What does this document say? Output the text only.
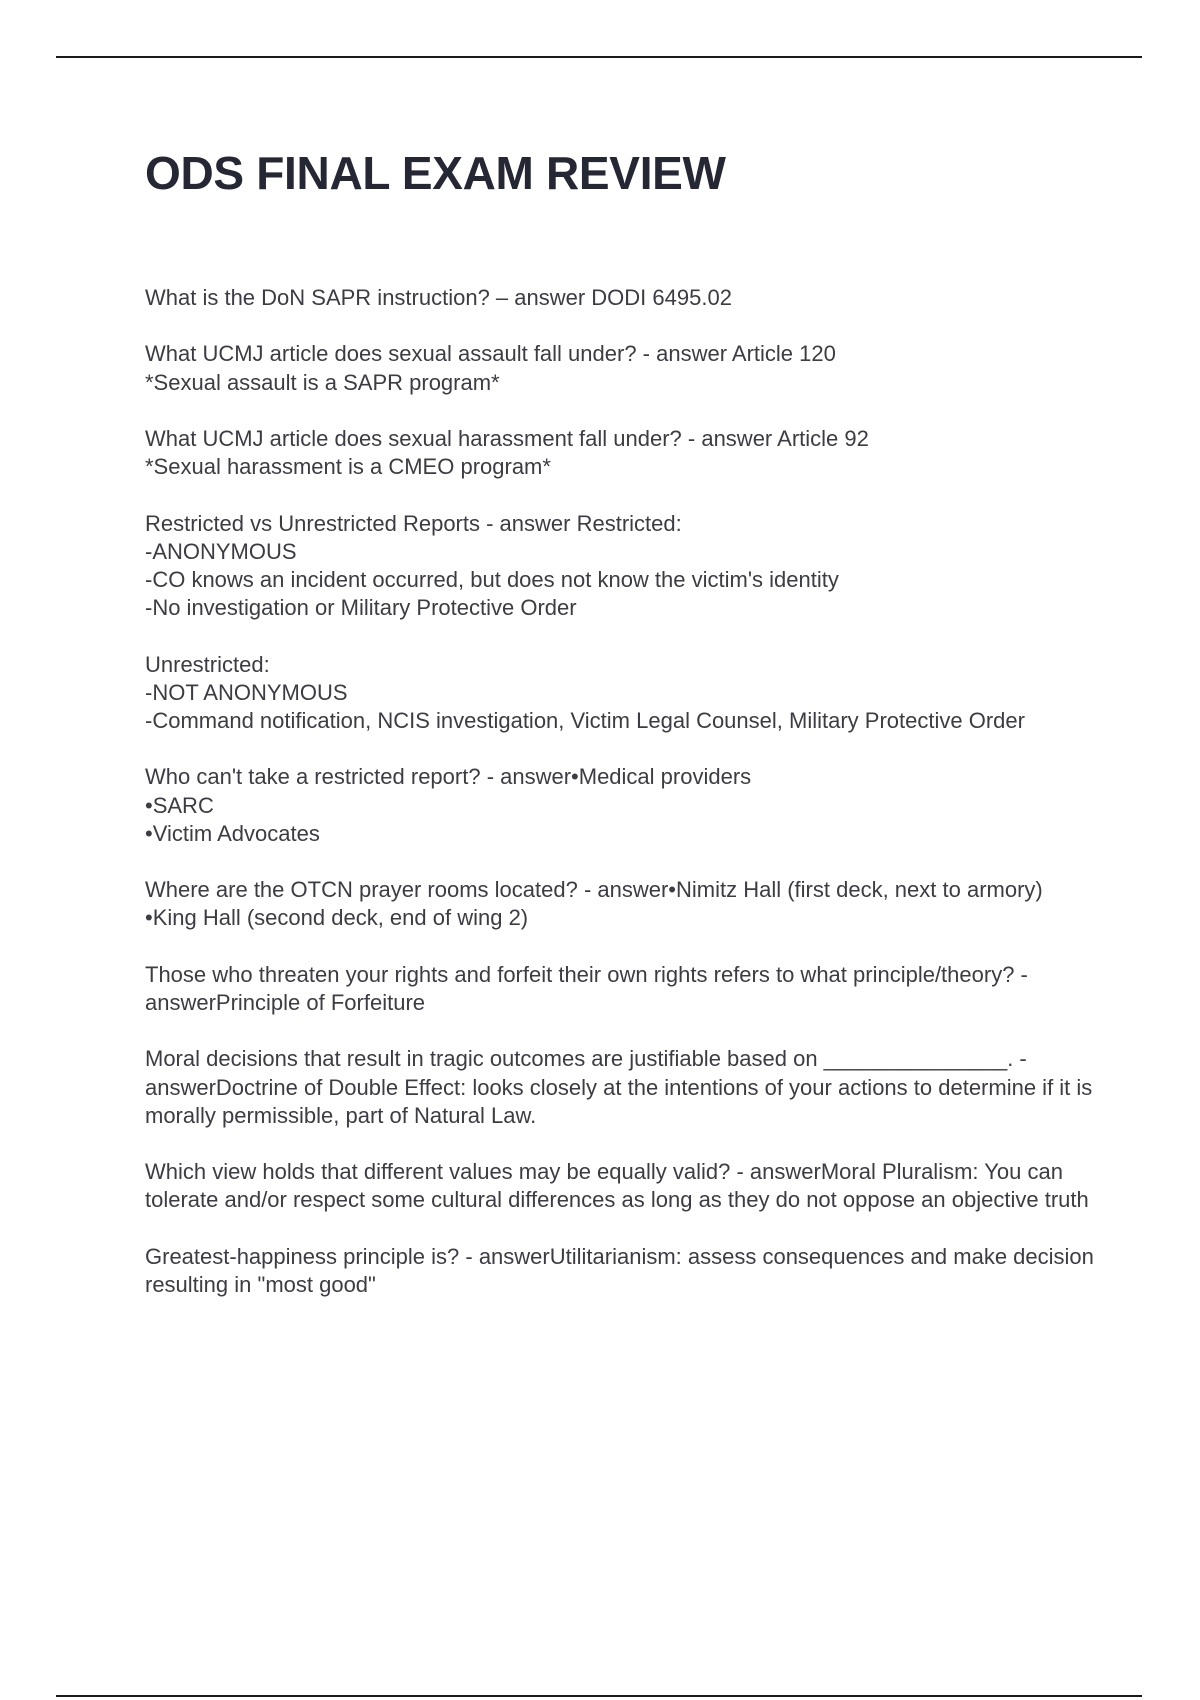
ODS FINAL EXAM REVIEW
What is the DoN SAPR instruction? – answer DODI 6495.02
What UCMJ article does sexual assault fall under? - answer Article 120
*Sexual assault is a SAPR program*
What UCMJ article does sexual harassment fall under? - answer Article 92
*Sexual harassment is a CMEO program*
Restricted vs Unrestricted Reports - answer Restricted:
-ANONYMOUS
-CO knows an incident occurred, but does not know the victim's identity
-No investigation or Military Protective Order
Unrestricted:
-NOT ANONYMOUS
-Command notification, NCIS investigation, Victim Legal Counsel, Military Protective Order
Who can't take a restricted report? - answer•Medical providers
•SARC
•Victim Advocates
Where are the OTCN prayer rooms located? - answer•Nimitz Hall (first deck, next to armory)
•King Hall (second deck, end of wing 2)
Those who threaten your rights and forfeit their own rights refers to what principle/theory? - answerPrinciple of Forfeiture
Moral decisions that result in tragic outcomes are justifiable based on _______________. - answerDoctrine of Double Effect: looks closely at the intentions of your actions to determine if it is morally permissible, part of Natural Law.
Which view holds that different values may be equally valid? - answerMoral Pluralism: You can tolerate and/or respect some cultural differences as long as they do not oppose an objective truth
Greatest-happiness principle is? - answerUtilitarianism: assess consequences and make decision resulting in "most good"
